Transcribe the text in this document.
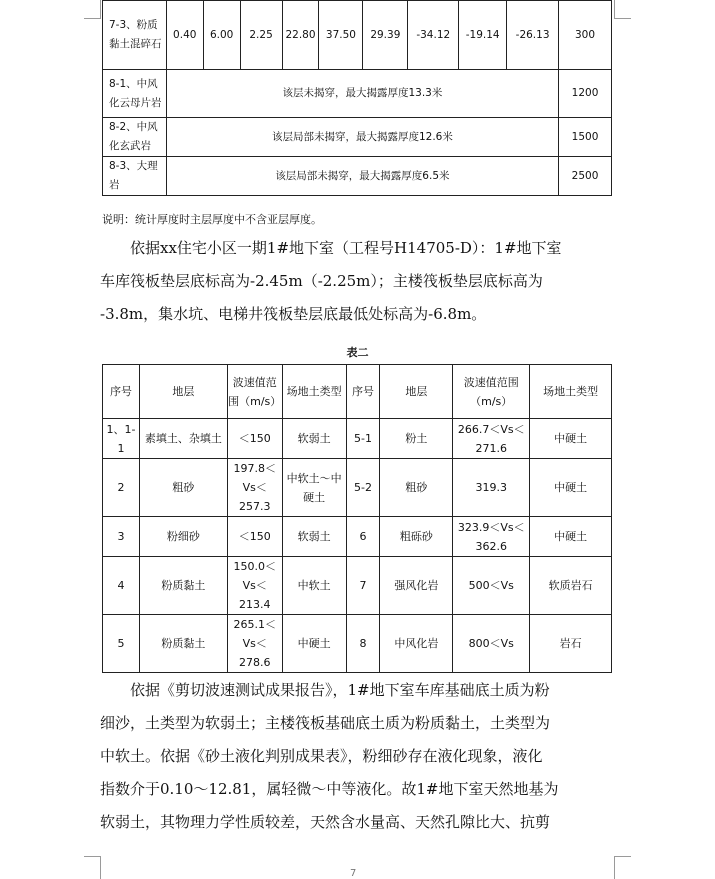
7-3、粉质黏土混碎石	0.40	6.00	2.25	22.80	37.50	29.39	-34.12	-19.14	-26.13	300
8-1、中风化云母片岩	该层未揭穿，最大揭露厚度13.3米									1200
8-2、中风化玄武岩	该层局部未揭穿，最大揭露厚度12.6米									1500
8-3、大理岩	该层局部未揭穿，最大揭露厚度6.5米									2500
说明：统计厚度时主层厚度中不含亚层厚度。
依据xx住宅小区一期1#地下室（工程号H14705-D）：1#地下室
车库筏板垫层底标高为-2.45m（-2.25m）；主楼筏板垫层底标高为
-3.8m，集水坑、电梯井筏板垫层底最低处标高为-6.8m。
表二
序号	地层	波速值范围（m/s）	场地土类型	序号	地层	波速值范围（m/s）	场地土类型
1、1-1	素填土、杂填土	＜150	软弱土	5-1	粉土	266.7＜Vs＜271.6	中硬土
2	粗砂	197.8＜Vs＜257.3	中软土～中硬土	5-2	粗砂	319.3	中硬土
3	粉细砂	＜150	软弱土	6	粗砾砂	323.9＜Vs＜362.6	中硬土
4	粉质黏土	150.0＜Vs＜213.4	中软土	7	强风化岩	500＜Vs	软质岩石
5	粉质黏土	265.1＜Vs＜278.6	中硬土	8	中风化岩	800＜Vs	岩石
依据《剪切波速测试成果报告》，1#地下室车库基础底土质为粉
细沙，土类型为软弱土；主楼筏板基础底土质为粉质黏土，土类型为
中软土。依据《砂土液化判别成果表》，粉细砂存在液化现象，液化
指数介于0.10～12.81，属轻微～中等液化。故1#地下室天然地基为
软弱土，其物理力学性质较差，天然含水量高、天然孔隙比大、抗剪
7
